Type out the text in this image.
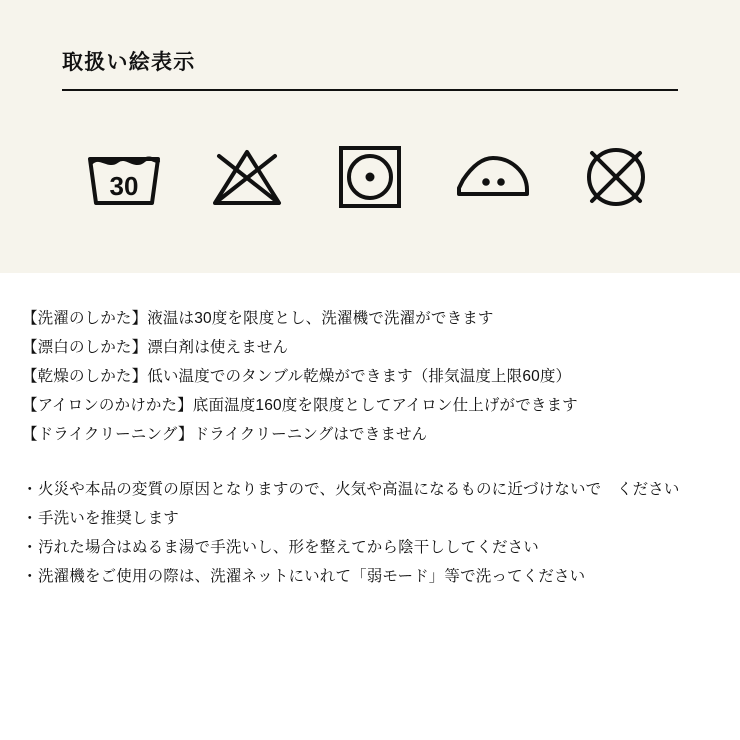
取扱い絵表示
30
【洗濯のしかた】液温は30度を限度とし、洗濯機で洗濯ができます
【漂白のしかた】漂白剤は使えません
【乾燥のしかた】低い温度でのタンブル乾燥ができます（排気温度上限60度）
【アイロンのかけかた】底面温度160度を限度としてアイロン仕上げができます
【ドライクリーニング】ドライクリーニングはできません
・ 火災や本品の変質の原因となりますので、火気や高温になるものに近づけないで　ください
・ 手洗いを推奨します
・ 汚れた場合はぬるま湯で手洗いし、形を整えてから陰干ししてください
・ 洗濯機をご使用の際は、洗濯ネットにいれて「弱モード」等で洗ってください
